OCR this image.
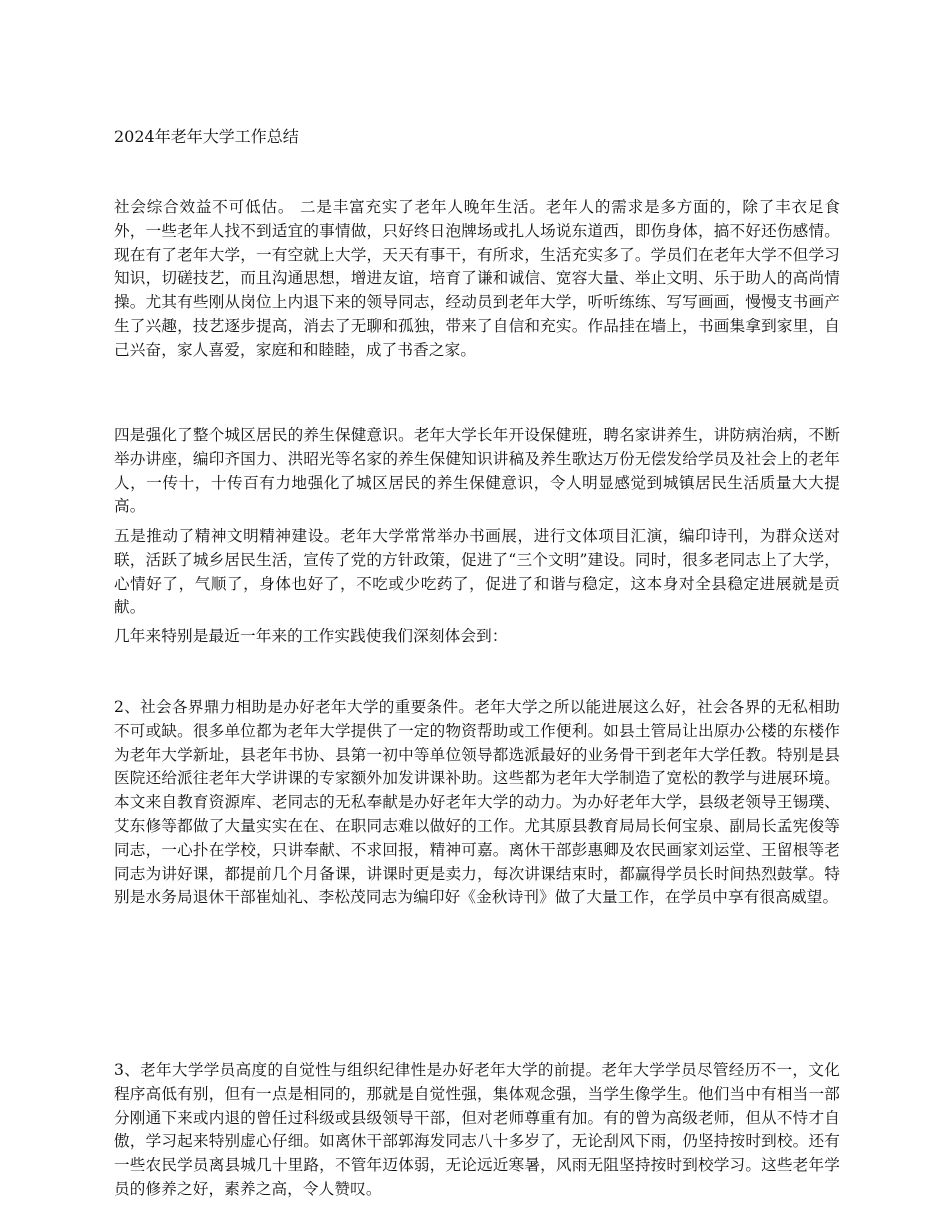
2024年老年大学工作总结

社会综合效益不可低估。 二是丰富充实了老年人晚年生活。老年人的需求是多方面的，除了丰衣足食外，一些老年人找不到适宜的事情做，只好终日泡牌场或扎人场说东道西，即伤身体，搞不好还伤感情。现在有了老年大学，一有空就上大学，天天有事干，有所求，生活充实多了。学员们在老年大学不但学习知识，切磋技艺，而且沟通思想，增进友谊，培育了谦和诚信、宽容大量、举止文明、乐于助人的高尚情操。尤其有些刚从岗位上内退下来的领导同志，经动员到老年大学，听听练练、写写画画，慢慢支书画产生了兴趣，技艺逐步提高，消去了无聊和孤独，带来了自信和充实。作品挂在墙上，书画集拿到家里，自己兴奋，家人喜爱，家庭和和睦睦，成了书香之家。

四是强化了整个城区居民的养生保健意识。老年大学长年开设保健班，聘名家讲养生，讲防病治病，不断举办讲座，编印齐国力、洪昭光等名家的养生保健知识讲稿及养生歌达万份无偿发给学员及社会上的老年人，一传十，十传百有力地强化了城区居民的养生保健意识，令人明显感觉到城镇居民生活质量大大提高。

五是推动了精神文明精神建设。老年大学常常举办书画展，进行文体项目汇演，编印诗刊，为群众送对联，活跃了城乡居民生活，宣传了党的方针政策，促进了“三个文明”建设。同时，很多老同志上了大学，心情好了，气顺了，身体也好了，不吃或少吃药了，促进了和谐与稳定，这本身对全县稳定进展就是贡献。

几年来特别是最近一年来的工作实践使我们深刻体会到：

2、社会各界鼎力相助是办好老年大学的重要条件。老年大学之所以能进展这么好，社会各界的无私相助不可或缺。很多单位都为老年大学提供了一定的物资帮助或工作便利。如县土管局让出原办公楼的东楼作为老年大学新址，县老年书协、县第一初中等单位领导都选派最好的业务骨干到老年大学任教。特别是县医院还给派往老年大学讲课的专家额外加发讲课补助。这些都为老年大学制造了宽松的教学与进展环境。本文来自教育资源库、老同志的无私奉献是办好老年大学的动力。为办好老年大学，县级老领导王锡璞、艾东修等都做了大量实实在在、在职同志难以做好的工作。尤其原县教育局局长何宝泉、副局长孟宪俊等同志，一心扑在学校，只讲奉献、不求回报，精神可嘉。离休干部彭惠卿及农民画家刘运堂、王留根等老同志为讲好课，都提前几个月备课，讲课时更是卖力，每次讲课结束时，都赢得学员长时间热烈鼓掌。特别是水务局退休干部崔灿礼、李松茂同志为编印好《金秋诗刊》做了大量工作，在学员中享有很高威望。

3、老年大学学员高度的自觉性与组织纪律性是办好老年大学的前提。老年大学学员尽管经历不一，文化程序高低有别，但有一点是相同的，那就是自觉性强，集体观念强，当学生像学生。他们当中有相当一部分刚通下来或内退的曾任过科级或县级领导干部，但对老师尊重有加。有的曾为高级老师，但从不恃才自傲，学习起来特别虚心仔细。如离休干部郭海发同志八十多岁了，无论刮风下雨，仍坚持按时到校。还有一些农民学员离县城几十里路，不管年迈体弱，无论远近寒暑，风雨无阻坚持按时到校学习。这些老年学员的修养之好，素养之高，令人赞叹。
